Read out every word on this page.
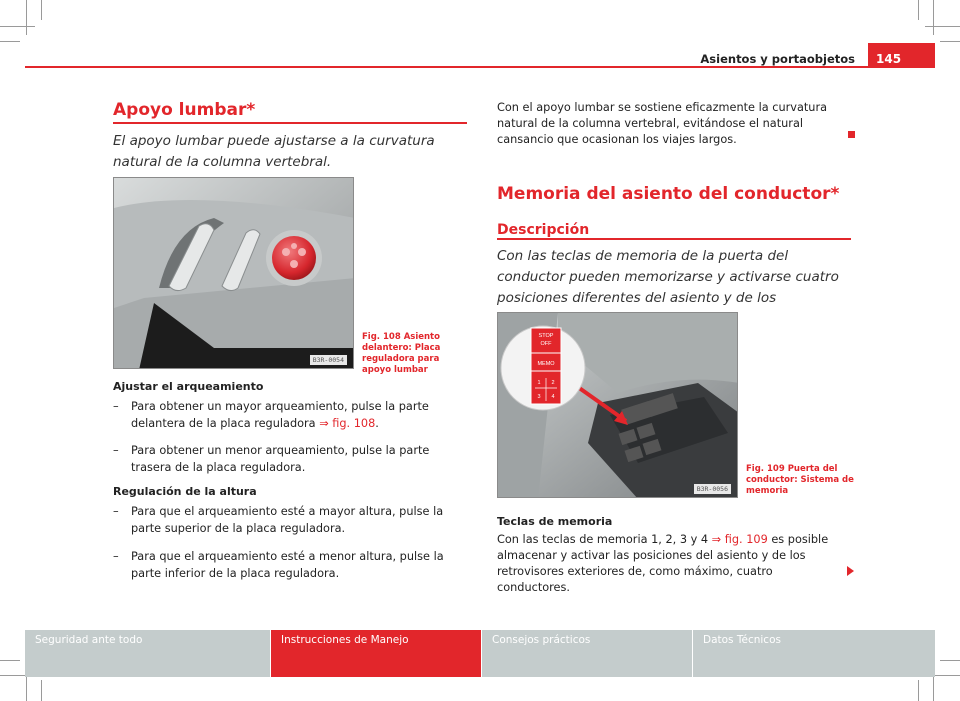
Asientos y portaobjetos	145
Apoyo lumbar*
El apoyo lumbar puede ajustarse a la curvatura natural de la columna vertebral.
B3R-0054
Fig. 108 Asiento delantero: Placa reguladora para apoyo lumbar
Ajustar el arqueamiento
– Para obtener un mayor arqueamiento, pulse la parte delantera de la placa reguladora ⇒ fig. 108.
– Para obtener un menor arqueamiento, pulse la parte trasera de la placa reguladora.
Regulación de la altura
– Para que el arqueamiento esté a mayor altura, pulse la parte superior de la placa reguladora.
– Para que el arqueamiento esté a menor altura, pulse la parte inferior de la placa reguladora.
Con el apoyo lumbar se sostiene eficazmente la curvatura natural de la columna vertebral, evitándose el natural cansancio que ocasionan los viajes largos.
Memoria del asiento del conductor*
Descripción
Con las teclas de memoria de la puerta del conductor pueden memorizarse y activarse cuatro posiciones diferentes del asiento y de los
STOP
OFF
MEMO
1 2
3 4
B3R-0056
Fig. 109 Puerta del conductor: Sistema de memoria
Teclas de memoria
Con las teclas de memoria 1, 2, 3 y 4 ⇒ fig. 109 es posible almacenar y activar las posiciones del asiento y de los retrovisores exteriores de, como máximo, cuatro conductores.
Seguridad ante todo	Instrucciones de Manejo	Consejos prácticos	Datos Técnicos
